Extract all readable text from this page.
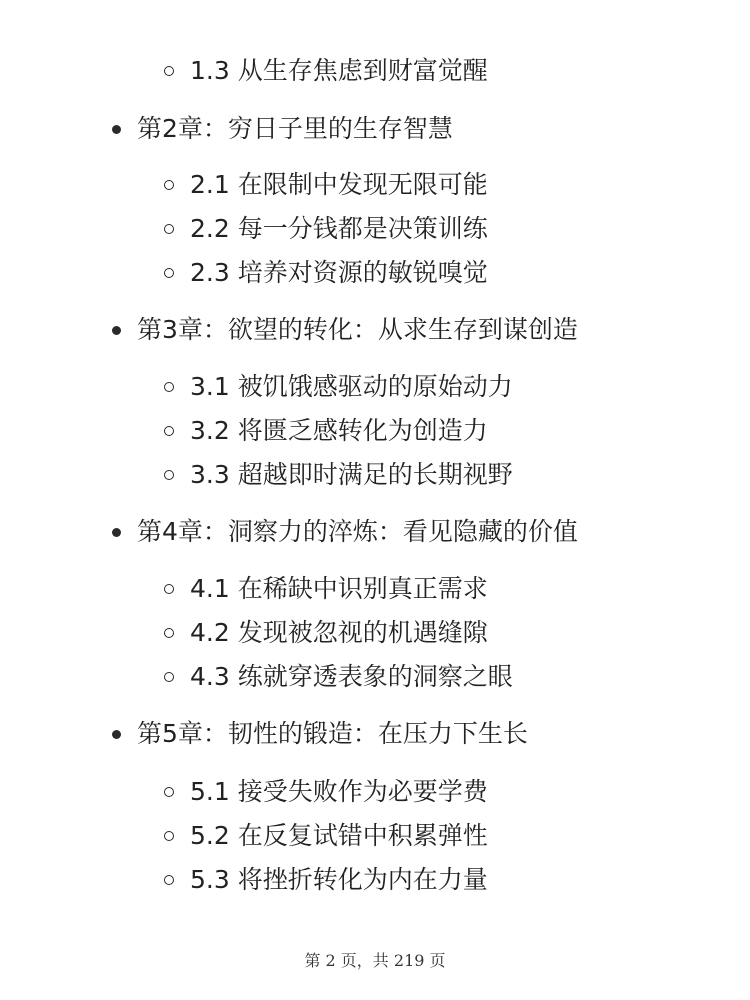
1.3 从生存焦虑到财富觉醒
第2章：穷日子里的生存智慧
2.1 在限制中发现无限可能
2.2 每一分钱都是决策训练
2.3 培养对资源的敏锐嗅觉
第3章：欲望的转化：从求生存到谋创造
3.1 被饥饿感驱动的原始动力
3.2 将匮乏感转化为创造力
3.3 超越即时满足的长期视野
第4章：洞察力的淬炼：看见隐藏的价值
4.1 在稀缺中识别真正需求
4.2 发现被忽视的机遇缝隙
4.3 练就穿透表象的洞察之眼
第5章：韧性的锻造：在压力下生长
5.1 接受失败作为必要学费
5.2 在反复试错中积累弹性
5.3 将挫折转化为内在力量
第 2 页，共 219 页
